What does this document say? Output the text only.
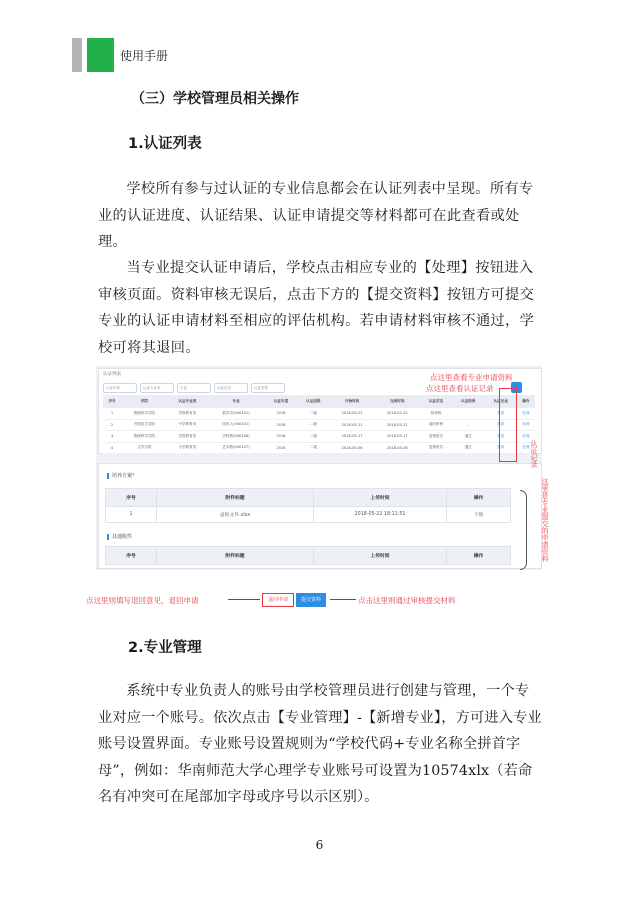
使用手册
（三）学校管理员相关操作
1.认证列表

学校所有参与过认证的专业信息都会在认证列表中呈现。所有专业的认证进度、认证结果、认证申请提交等材料都可在此查看或处理。

当专业提交认证申请后，学校点击相应专业的【处理】按钮进入审核页面。资料审核无误后，点击下方的【提交资料】按钮方可提交专业的认证申请材料至相应的评估机构。若申请材料审核不通过，学校可将其退回。

认证列表
认证年度	认证专业类	专业	认证状态	认证类型
序号	学院	认证专业类	专业	认证年度	认证层级	开始时间	完成时间	认证状态	认证结果	认证记录	操作
1	数理科学学院	学校教育类	数学学(040101)	2018	二级	2018-05-22	2018-05-22	待审核		查看	处理
2	外国语言学院	中学教育类	国语人(040102)	2018	二级	2018-05-21	2018-05-21	退回审核	-	查看	处理
3	数理科学学院	学校教育类	学科教(040106)	2018	二级	2018-05-17	2018-05-17	复核报告	通过	查看	处理
4	文学学院	小学教育类	艺术教(040107)	2018	二级	2018-05-06	2018-05-06	复核报告	通过	查看	处理
培养方案*
序号	附件标题	上传时间	操作
1	虚拟文件.xlsx	2018-05-22 18:11:51	下载
其他附件
序号	附件标题	上传时间	操作
点这里查看专业申请资料
点这里查看认证记录
认证记录
这里是专业提交的申请资料
点这里则填写退回意见，退回申请	退回申请	提交资料	点击这里则通过审核提交材料
2.专业管理

系统中专业负责人的账号由学校管理员进行创建与管理，一个专业对应一个账号。依次点击【专业管理】-【新增专业】，方可进入专业账号设置界面。专业账号设置规则为“学校代码+专业名称全拼首字母”，例如：华南师范大学心理学专业账号可设置为10574xlx（若命名有冲突可在尾部加字母或序号以示区别）。

6
